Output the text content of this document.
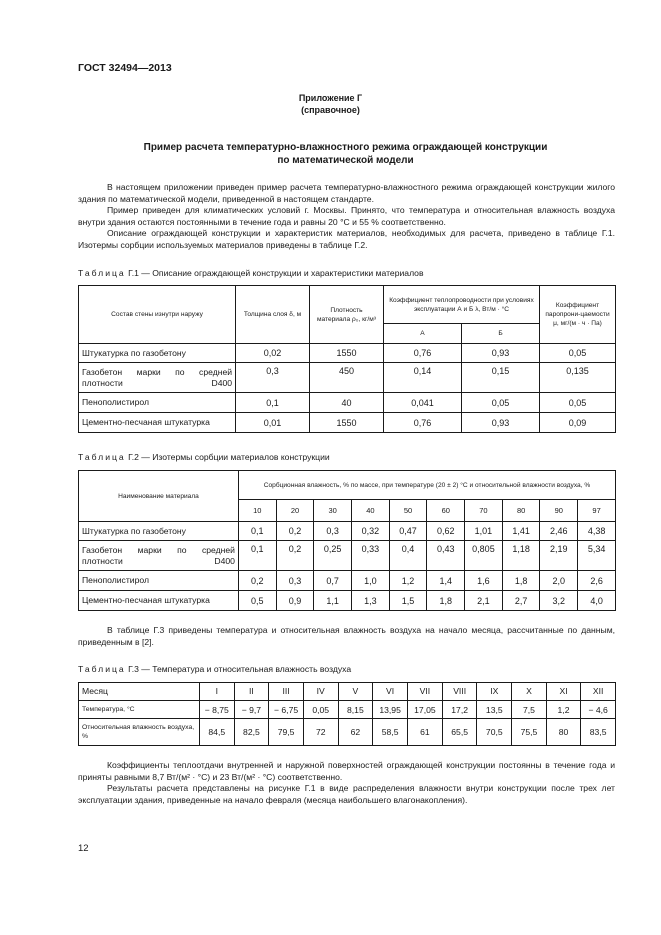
ГОСТ 32494—2013
Приложение Г
(справочное)
Пример расчета температурно-влажностного режима ограждающей конструкции
по математической модели

В настоящем приложении приведен пример расчета температурно-влажностного режима ограждающей конструкции жилого здания по математической модели, приведенной в настоящем стандарте.

Пример приведен для климатических условий г. Москвы. Принято, что температура и относительная влажность воздуха внутри здания остаются постоянными в течение года и равны 20 °С и 55 % соответственно.

Описание ограждающей конструкции и характеристик материалов, необходимых для расчета, приведено в таблице Г.1. Изотермы сорбции используемых материалов приведены в таблице Г.2.

Таблица Г.1 — Описание ограждающей конструкции и характеристики материалов
Состав стены изнутри наружу	Толщина слоя δ, м	Плотность материала ρ₀, кг/м³	Коэффициент теплопроводности при условиях эксплуатации А и Б λ, Вт/м · °С		Коэффициент паропрони-цаемости μ, мг/(м · ч · Па)
			А	Б	
Штукатурка по газобетону	0,02	1550	0,76	0,93	0,05
Газобетон марки по средней плотности D400	0,3	450	0,14	0,15	0,135
Пенополистирол	0,1	40	0,041	0,05	0,05
Цементно-песчаная штукатурка	0,01	1550	0,76	0,93	0,09
Таблица Г.2 — Изотермы сорбции материалов конструкции
Наименование материала	Сорбционная влажность, % по массе, при температуре (20 ± 2) °С и относительной влажности воздуха, %									
	10	20	30	40	50	60	70	80	90	97
Штукатурка по газобетону	0,1	0,2	0,3	0,32	0,47	0,62	1,01	1,41	2,46	4,38
Газобетон марки по средней плотности D400	0,1	0,2	0,25	0,33	0,4	0,43	0,805	1,18	2,19	5,34
Пенополистирол	0,2	0,3	0,7	1,0	1,2	1,4	1,6	1,8	2,0	2,6
Цементно-песчаная штукатурка	0,5	0,9	1,1	1,3	1,5	1,8	2,1	2,7	3,2	4,0

В таблице Г.3 приведены температура и относительная влажность воздуха на начало месяца, рассчитанные по данным, приведенным в [2].

Таблица Г.3 — Температура и относительная влажность воздуха
Месяц	I	II	III	IV	V	VI	VII	VIII	IX	X	XI	XII
Температура, °С	− 8,75	− 9,7	− 6,75	0,05	8,15	13,95	17,05	17,2	13,5	7,5	1,2	− 4,6
Относительная влажность воздуха, %	84,5	82,5	79,5	72	62	58,5	61	65,5	70,5	75,5	80	83,5

Коэффициенты теплоотдачи внутренней и наружной поверхностей ограждающей конструкции постоянны в течение года и приняты равными 8,7 Вт/(м² · °С) и 23 Вт/(м² · °С) соответственно.

Результаты расчета представлены на рисунке Г.1 в виде распределения влажности внутри конструкции после трех лет эксплуатации здания, приведенные на начало февраля (месяца наибольшего влагонакопления).

12
